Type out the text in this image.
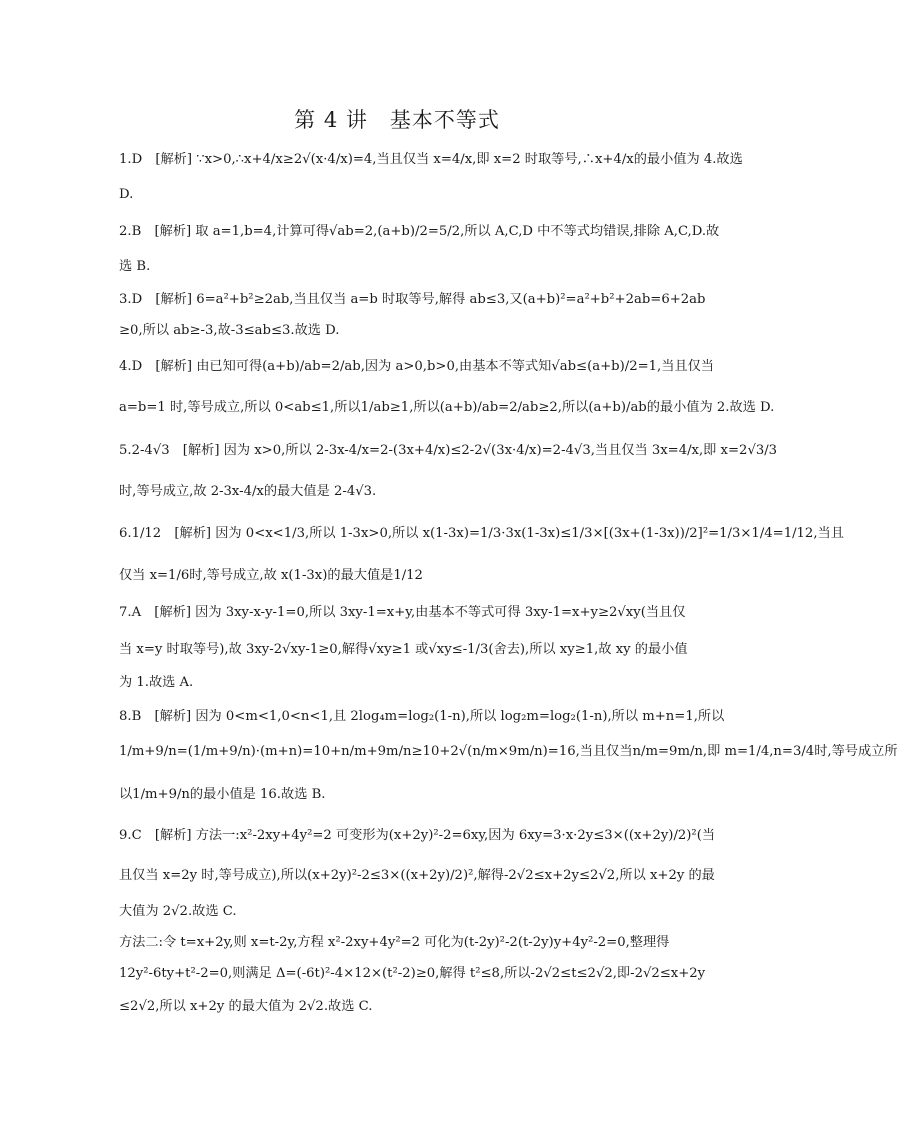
第 4 讲　基本不等式
1.D　[解析] ∵x>0,∴x+4/x≥2√(x·4/x)=4,当且仅当 x=4/x,即 x=2 时取等号,∴x+4/x的最小值为 4.故选
D.
2.B　[解析] 取 a=1,b=4,计算可得√ab=2,(a+b)/2=5/2,所以 A,C,D 中不等式均错误,排除 A,C,D.故
选 B.
3.D　[解析] 6=a²+b²≥2ab,当且仅当 a=b 时取等号,解得 ab≤3,又(a+b)²=a²+b²+2ab=6+2ab
≥0,所以 ab≥-3,故-3≤ab≤3.故选 D.
4.D　[解析] 由已知可得(a+b)/ab=2/ab,因为 a>0,b>0,由基本不等式知√ab≤(a+b)/2=1,当且仅当
a=b=1 时,等号成立,所以 0<ab≤1,所以1/ab≥1,所以(a+b)/ab=2/ab≥2,所以(a+b)/ab的最小值为 2.故选 D.
5.2-4√3　[解析] 因为 x>0,所以 2-3x-4/x=2-(3x+4/x)≤2-2√(3x·4/x)=2-4√3,当且仅当 3x=4/x,即 x=2√3/3
时,等号成立,故 2-3x-4/x的最大值是 2-4√3.
6.1/12　[解析] 因为 0<x<1/3,所以 1-3x>0,所以 x(1-3x)=1/3·3x(1-3x)≤1/3×[(3x+(1-3x))/2]²=1/3×1/4=1/12,当且
仅当 x=1/6时,等号成立,故 x(1-3x)的最大值是1/12
7.A　[解析] 因为 3xy-x-y-1=0,所以 3xy-1=x+y,由基本不等式可得 3xy-1=x+y≥2√xy(当且仅
当 x=y 时取等号),故 3xy-2√xy-1≥0,解得√xy≥1 或√xy≤-1/3(舍去),所以 xy≥1,故 xy 的最小值
为 1.故选 A.
8.B　[解析] 因为 0<m<1,0<n<1,且 2log₄m=log₂(1-n),所以 log₂m=log₂(1-n),所以 m+n=1,所以
1/m+9/n=(1/m+9/n)·(m+n)=10+n/m+9m/n≥10+2√(n/m×9m/n)=16,当且仅当n/m=9m/n,即 m=1/4,n=3/4时,等号成立所
以1/m+9/n的最小值是 16.故选 B.
9.C　[解析] 方法一:x²-2xy+4y²=2 可变形为(x+2y)²-2=6xy,因为 6xy=3·x·2y≤3×((x+2y)/2)²(当
且仅当 x=2y 时,等号成立),所以(x+2y)²-2≤3×((x+2y)/2)²,解得-2√2≤x+2y≤2√2,所以 x+2y 的最
大值为 2√2.故选 C.
方法二:令 t=x+2y,则 x=t-2y,方程 x²-2xy+4y²=2 可化为(t-2y)²-2(t-2y)y+4y²-2=0,整理得
12y²-6ty+t²-2=0,则满足 Δ=(-6t)²-4×12×(t²-2)≥0,解得 t²≤8,所以-2√2≤t≤2√2,即-2√2≤x+2y
≤2√2,所以 x+2y 的最大值为 2√2.故选 C.
